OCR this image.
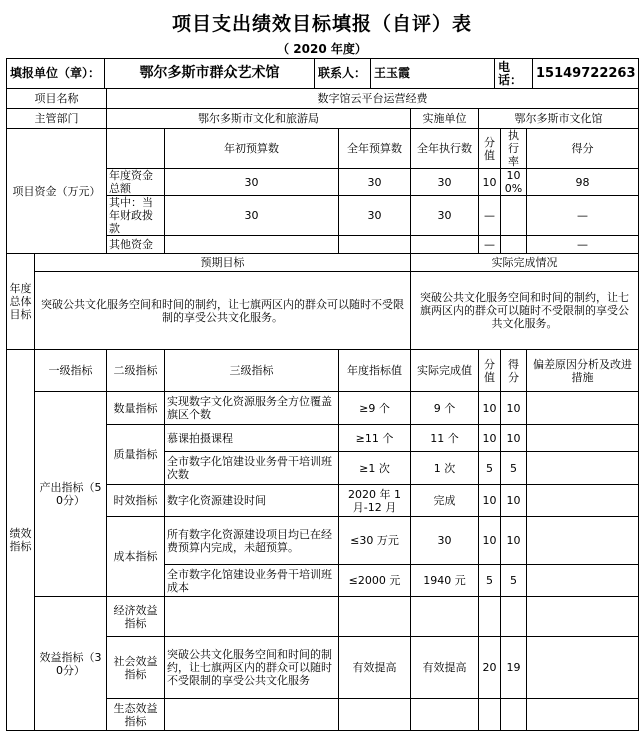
项目支出绩效目标填报（自评）表
（ 2020 年度）
填报单位（章）：	鄂尔多斯市群众艺术馆	联系人：	王玉霞	电话：	15149722263
项目名称		数字馆云平台运营经费						
主管部门		鄂尔多斯市文化和旅游局			实施单位	鄂尔多斯市文化馆		
项目资金（万元）			年初预算数	全年预算数	全年执行数	分值	执行率	得分
		年度资金总额	30	30	30	10	100%	98
		其中：当年财政拨款	30	30	30	—		—
		其他资金				—		—
年度总体目标	预期目标				实际完成情况			
	突破公共文化服务空间和时间的制约，让七旗两区内的群众可以随时不受限制的享受公共文化服务。				突破公共文化服务空间和时间的制约，让七旗两区内的群众可以随时不受限制的享受公共文化服务。			
绩效指标	一级指标	二级指标	三级指标	年度指标值	实际完成值	分值	得分	偏差原因分析及改进措施
	产出指标（50分）	数量指标	实现数字文化资源服务全方位覆盖旗区个数	≥9 个	9 个	10	10	
		质量指标	慕课拍摄课程	≥11 个	11 个	10	10	
			全市数字化馆建设业务骨干培训班次数	≥1 次	1 次	5	5	
		时效指标	数字化资源建设时间	2020 年 1 月-12 月	完成	10	10	
		成本指标	所有数字化资源建设项目均已在经费预算内完成，未超预算。	≤30 万元	30	10	10	
			全市数字化馆建设业务骨干培训班成本	≤2000 元	1940 元	5	5	
	效益指标（30分）	经济效益指标						
		社会效益指标	突破公共文化服务空间和时间的制约，让七旗两区内的群众可以随时不受限制的享受公共文化服务	有效提高	有效提高	20	19	
		生态效益指标						
